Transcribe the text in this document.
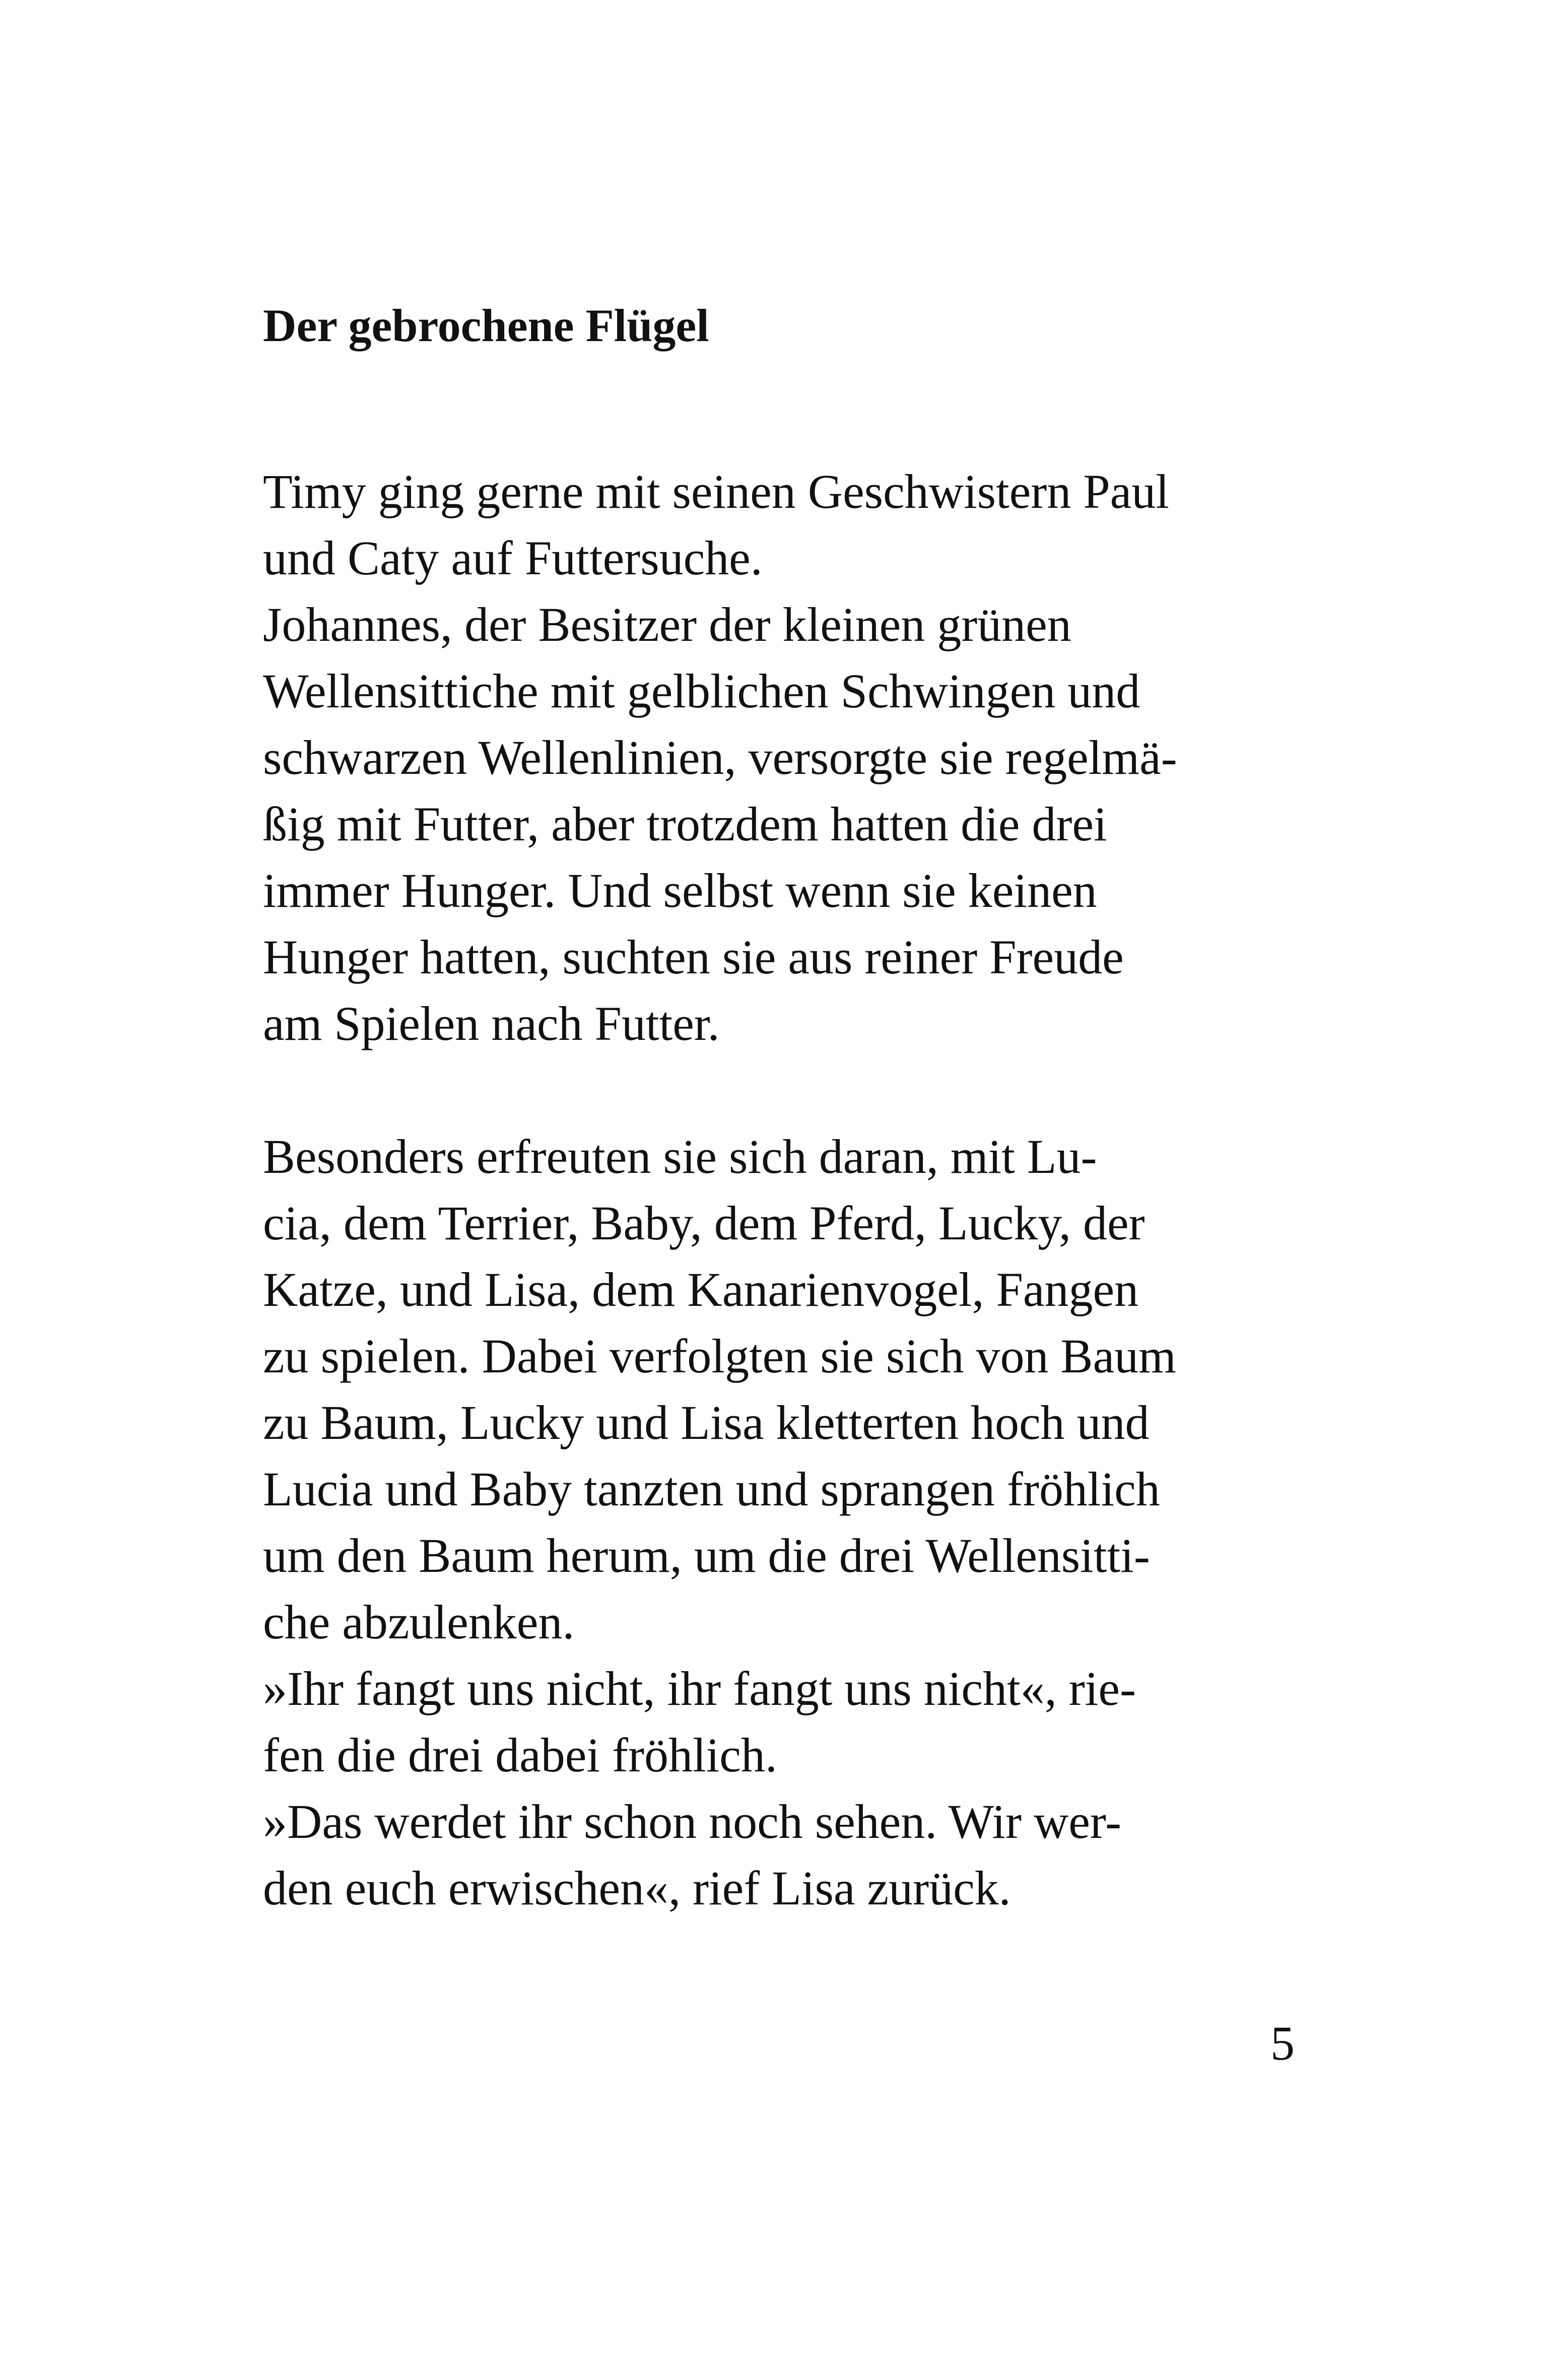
Der gebrochene Flügel

Timy ging gerne mit seinen Geschwistern Paul
und Caty auf Futtersuche.
Johannes, der Besitzer der kleinen grünen
Wellensittiche mit gelblichen Schwingen und
schwarzen Wellenlinien, versorgte sie regelmä-
ßig mit Futter, aber trotzdem hatten die drei
immer Hunger. Und selbst wenn sie keinen
Hunger hatten, suchten sie aus reiner Freude
am Spielen nach Futter.

Besonders erfreuten sie sich daran, mit Lu-
cia, dem Terrier, Baby, dem Pferd, Lucky, der
Katze, und Lisa, dem Kanarienvogel, Fangen
zu spielen. Dabei verfolgten sie sich von Baum
zu Baum, Lucky und Lisa kletterten hoch und
Lucia und Baby tanzten und sprangen fröhlich
um den Baum herum, um die drei Wellensitti-
che abzulenken.
»Ihr fangt uns nicht, ihr fangt uns nicht«, rie-
fen die drei dabei fröhlich.
»Das werdet ihr schon noch sehen. Wir wer-
den euch erwischen«, rief Lisa zurück.

5
